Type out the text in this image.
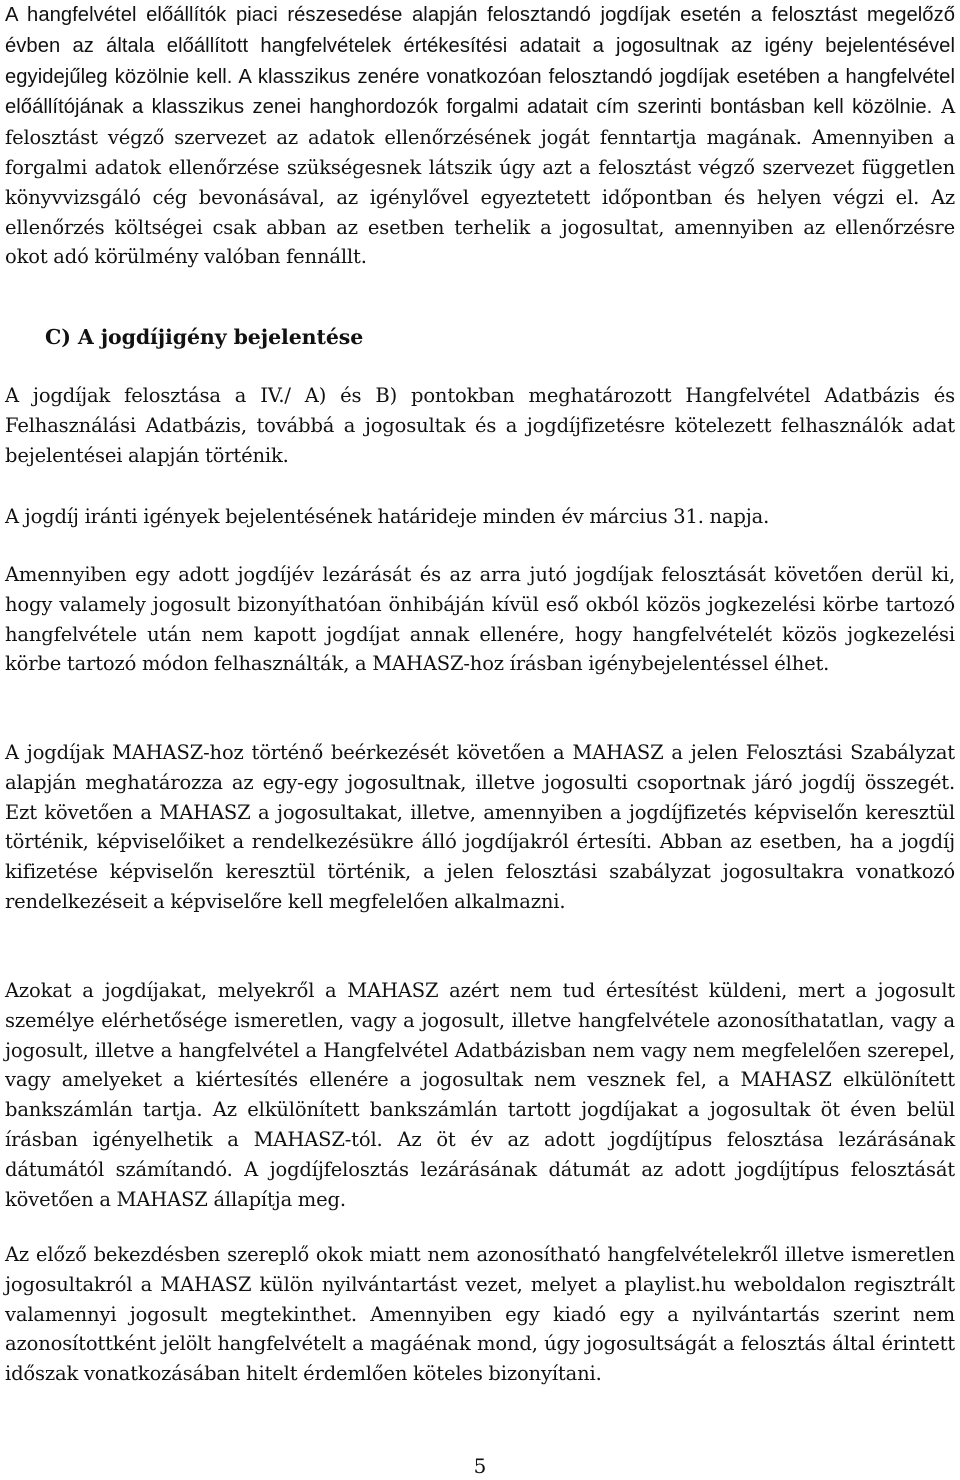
A hangfelvétel előállítók piaci részesedése alapján felosztandó jogdíjak esetén a felosztást megelőző évben az általa előállított hangfelvételek értékesítési adatait a jogosultnak az igény bejelentésével egyidejűleg közölnie kell. A klasszikus zenére vonatkozóan felosztandó jogdíjak esetében a hangfelvétel előállítójának a klasszikus zenei hanghordozók forgalmi adatait cím szerinti bontásban kell közölnie. A felosztást végző szervezet az adatok ellenőrzésének jogát fenntartja magának. Amennyiben a forgalmi adatok ellenőrzése szükségesnek látszik úgy azt a felosztást végző szervezet független könyvvizsgáló cég bevonásával, az igénylővel egyeztetett időpontban és helyen végzi el. Az ellenőrzés költségei csak abban az esetben terhelik a jogosultat, amennyiben az ellenőrzésre okot adó körülmény valóban fennállt.

C) A jogdíjigény bejelentése

A jogdíjak felosztása a IV./ A) és B) pontokban meghatározott Hangfelvétel Adatbázis és Felhasználási Adatbázis, továbbá a jogosultak és a jogdíjfizetésre kötelezett felhasználók adat bejelentései alapján történik.

A jogdíj iránti igények bejelentésének határideje minden év március 31. napja.

Amennyiben egy adott jogdíjév lezárását és az arra jutó jogdíjak felosztását követően derül ki, hogy valamely jogosult bizonyíthatóan önhibáján kívül eső okból közös jogkezelési körbe tartozó hangfelvétele után nem kapott jogdíjat annak ellenére, hogy hangfelvételét közös jogkezelési körbe tartozó módon felhasználták, a MAHASZ-hoz írásban igénybejelentéssel élhet.

A jogdíjak MAHASZ-hoz történő beérkezését követően a MAHASZ a jelen Felosztási Szabályzat alapján meghatározza az egy-egy jogosultnak, illetve jogosulti csoportnak járó jogdíj összegét. Ezt követően a MAHASZ a jogosultakat, illetve, amennyiben a jogdíjfizetés képviselőn keresztül történik, képviselőiket a rendelkezésükre álló jogdíjakról értesíti. Abban az esetben, ha a jogdíj kifizetése képviselőn keresztül történik, a jelen felosztási szabályzat jogosultakra vonatkozó rendelkezéseit a képviselőre kell megfelelően alkalmazni.

Azokat a jogdíjakat, melyekről a MAHASZ azért nem tud értesítést küldeni, mert a jogosult személye elérhetősége ismeretlen, vagy a jogosult, illetve hangfelvétele azonosíthatatlan, vagy a jogosult, illetve a hangfelvétel a Hangfelvétel Adatbázisban nem vagy nem megfelelően szerepel, vagy amelyeket a kiértesítés ellenére a jogosultak nem vesznek fel, a MAHASZ elkülönített bankszámlán tartja. Az elkülönített bankszámlán tartott jogdíjakat a jogosultak öt éven belül írásban igényelhetik a MAHASZ-tól. Az öt év az adott jogdíjtípus felosztása lezárásának dátumától számítandó. A jogdíjfelosztás lezárásának dátumát az adott jogdíjtípus felosztását követően a MAHASZ állapítja meg.

Az előző bekezdésben szereplő okok miatt nem azonosítható hangfelvételekről illetve ismeretlen jogosultakról a MAHASZ külön nyilvántartást vezet, melyet a playlist.hu weboldalon regisztrált valamennyi jogosult megtekinthet. Amennyiben egy kiadó egy a nyilvántartás szerint nem azonosítottként jelölt hangfelvételt a magáénak mond, úgy jogosultságát a felosztás által érintett időszak vonatkozásában hitelt érdemlően köteles bizonyítani.

5
